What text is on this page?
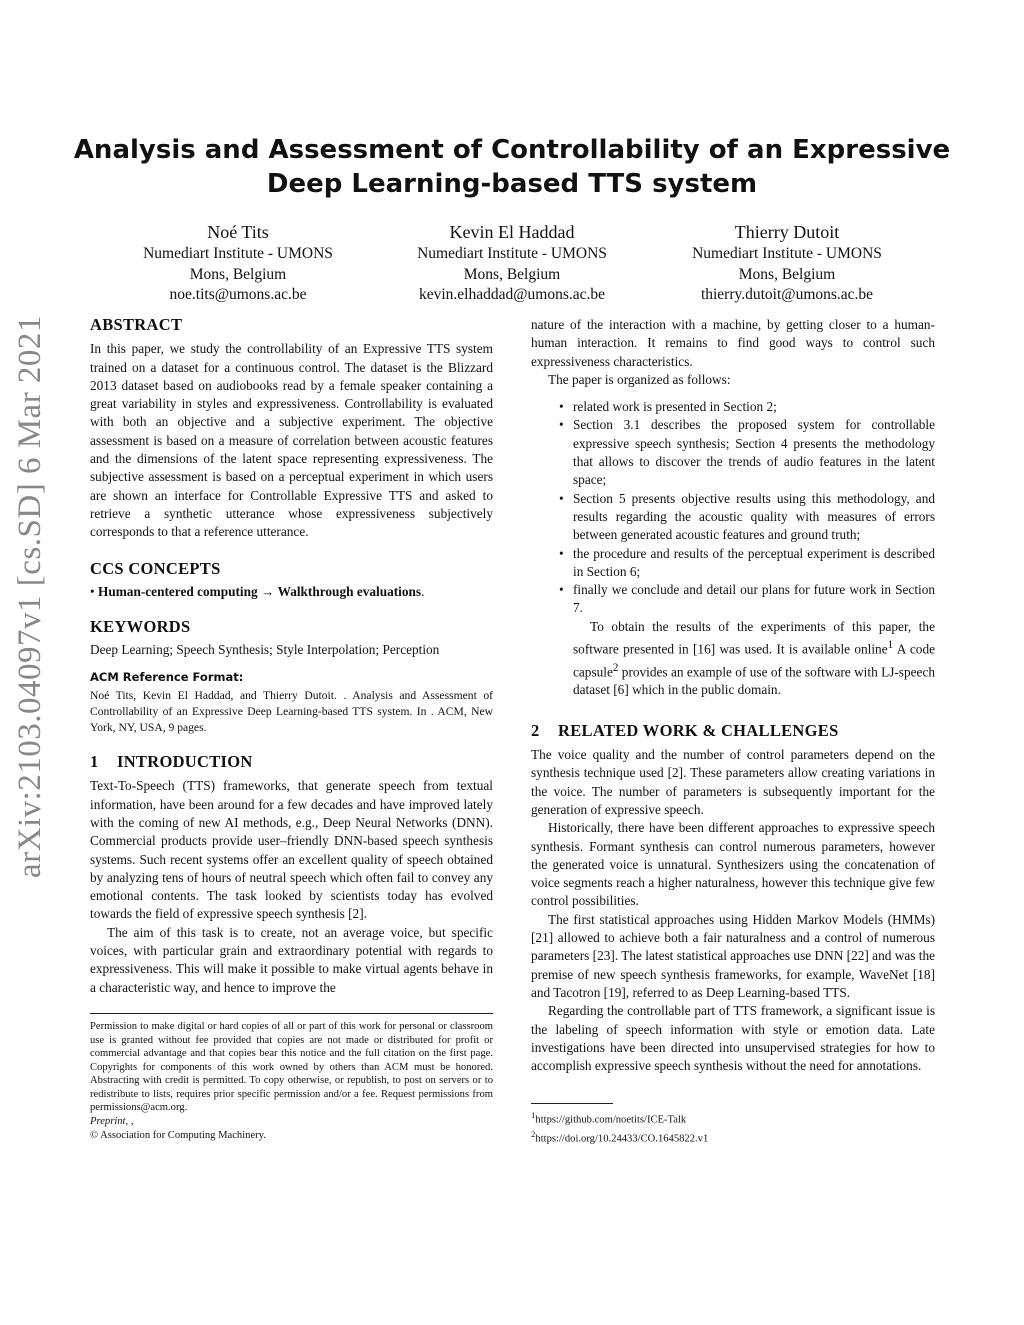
arXiv:2103.04097v1 [cs.SD] 6 Mar 2021
Analysis and Assessment of Controllability of an Expressive
Deep Learning-based TTS system
Noé Tits
Numediart Institute - UMONS
Mons, Belgium
noe.tits@umons.ac.be
Kevin El Haddad
Numediart Institute - UMONS
Mons, Belgium
kevin.elhaddad@umons.ac.be
Thierry Dutoit
Numediart Institute - UMONS
Mons, Belgium
thierry.dutoit@umons.ac.be

ABSTRACT

In this paper, we study the controllability of an Expressive TTS system trained on a dataset for a continuous control. The dataset is the Blizzard 2013 dataset based on audiobooks read by a female speaker containing a great variability in styles and expressiveness. Controllability is evaluated with both an objective and a subjective experiment. The objective assessment is based on a measure of correlation between acoustic features and the dimensions of the latent space representing expressiveness. The subjective assessment is based on a perceptual experiment in which users are shown an interface for Controllable Expressive TTS and asked to retrieve a synthetic utterance whose expressiveness subjectively corresponds to that a reference utterance.

CCS CONCEPTS

• Human-centered computing → Walkthrough evaluations.

KEYWORDS

Deep Learning; Speech Synthesis; Style Interpolation; Perception

ACM Reference Format:

Noé Tits, Kevin El Haddad, and Thierry Dutoit. . Analysis and Assessment of Controllability of an Expressive Deep Learning-based TTS system. In . ACM, New York, NY, USA, 9 pages.

1 INTRODUCTION

Text-To-Speech (TTS) frameworks, that generate speech from textual information, have been around for a few decades and have improved lately with the coming of new AI methods, e.g., Deep Neural Networks (DNN). Commercial products provide user–friendly DNN-based speech synthesis systems. Such recent systems offer an excellent quality of speech obtained by analyzing tens of hours of neutral speech which often fail to convey any emotional contents. The task looked by scientists today has evolved towards the field of expressive speech synthesis [2].

The aim of this task is to create, not an average voice, but specific voices, with particular grain and extraordinary potential with regards to expressiveness. This will make it possible to make virtual agents behave in a characteristic way, and hence to improve the

Permission to make digital or hard copies of all or part of this work for personal or classroom use is granted without fee provided that copies are not made or distributed for profit or commercial advantage and that copies bear this notice and the full citation on the first page. Copyrights for components of this work owned by others than ACM must be honored. Abstracting with credit is permitted. To copy otherwise, or republish, to post on servers or to redistribute to lists, requires prior specific permission and/or a fee. Request permissions from permissions@acm.org.

Preprint, ,

© Association for Computing Machinery.

nature of the interaction with a machine, by getting closer to a human-human interaction. It remains to find good ways to control such expressiveness characteristics.

The paper is organized as follows:

• related work is presented in Section 2;
• Section 3.1 describes the proposed system for controllable expressive speech synthesis; Section 4 presents the methodology that allows to discover the trends of audio features in the latent space;
• Section 5 presents objective results using this methodology, and results regarding the acoustic quality with measures of errors between generated acoustic features and ground truth;
• the procedure and results of the perceptual experiment is described in Section 6;
• finally we conclude and detail our plans for future work in Section 7.

To obtain the results of the experiments of this paper, the software presented in [16] was used. It is available online$^1$ A code capsule$^2$ provides an example of use of the software with LJ-speech dataset [6] which in the public domain.

2 RELATED WORK & CHALLENGES

The voice quality and the number of control parameters depend on the synthesis technique used [2]. These parameters allow creating variations in the voice. The number of parameters is subsequently important for the generation of expressive speech.

Historically, there have been different approaches to expressive speech synthesis. Formant synthesis can control numerous parameters, however the generated voice is unnatural. Synthesizers using the concatenation of voice segments reach a higher naturalness, however this technique give few control possibilities.

The first statistical approaches using Hidden Markov Models (HMMs) [21] allowed to achieve both a fair naturalness and a control of numerous parameters [23]. The latest statistical approaches use DNN [22] and was the premise of new speech synthesis frameworks, for example, WaveNet [18] and Tacotron [19], referred to as Deep Learning-based TTS.

Regarding the controllable part of TTS framework, a significant issue is the labeling of speech information with style or emotion data. Late investigations have been directed into unsupervised strategies for how to accomplish expressive speech synthesis without the need for annotations.

$^1$https://github.com/noetits/ICE-Talk

$^2$https://doi.org/10.24433/CO.1645822.v1
